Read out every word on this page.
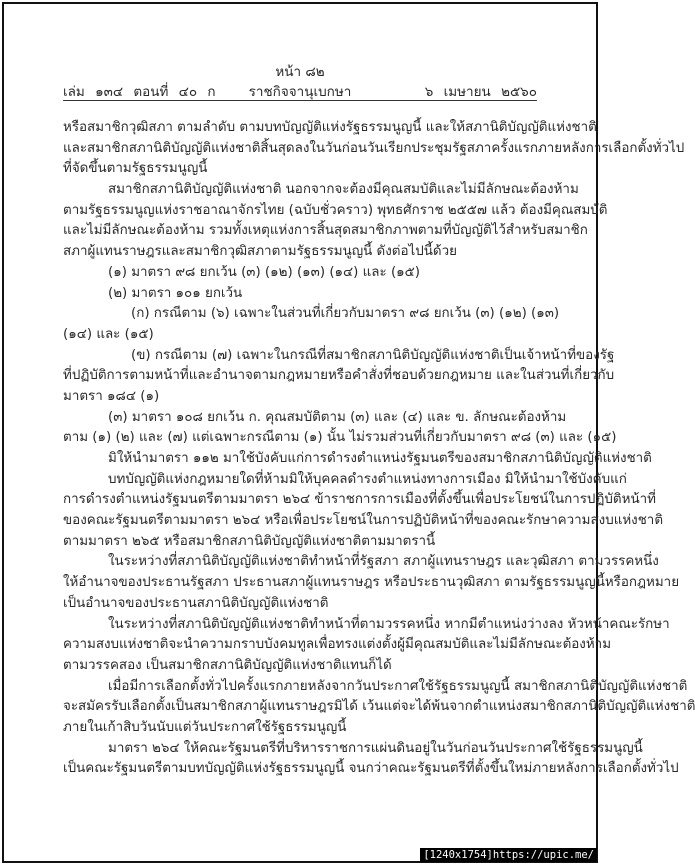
หน้า ๘๒
ราชกิจจานุเบกษา
เล่ม ๑๓๔ ตอนที่ ๔๐ ก	๖ เมษายน ๒๕๖๐
หรือสมาชิกวุฒิสภา ตามลำดับ ตามบทบัญญัติแห่งรัฐธรรมนูญนี้ และให้สภานิติบัญญัติแห่งชาติ
และสมาชิกสภานิติบัญญัติแห่งชาติสิ้นสุดลงในวันก่อนวันเรียกประชุมรัฐสภาครั้งแรกภายหลังการเลือกตั้งทั่วไป
ที่จัดขึ้นตามรัฐธรรมนูญนี้
สมาชิกสภานิติบัญญัติแห่งชาติ นอกจากจะต้องมีคุณสมบัติและไม่มีลักษณะต้องห้าม
ตามรัฐธรรมนูญแห่งราชอาณาจักรไทย (ฉบับชั่วคราว) พุทธศักราช ๒๕๕๗ แล้ว ต้องมีคุณสมบัติ
และไม่มีลักษณะต้องห้าม รวมทั้งเหตุแห่งการสิ้นสุดสมาชิกภาพตามที่บัญญัติไว้สำหรับสมาชิก
สภาผู้แทนราษฎรและสมาชิกวุฒิสภาตามรัฐธรรมนูญนี้ ดังต่อไปนี้ด้วย
(๑) มาตรา ๙๘ ยกเว้น (๓) (๑๒) (๑๓) (๑๔) และ (๑๕)
(๒) มาตรา ๑๐๑ ยกเว้น
(ก) กรณีตาม (๖) เฉพาะในส่วนที่เกี่ยวกับมาตรา ๙๘ ยกเว้น (๓) (๑๒) (๑๓)
(๑๔) และ (๑๕)
(ข) กรณีตาม (๗) เฉพาะในกรณีที่สมาชิกสภานิติบัญญัติแห่งชาติเป็นเจ้าหน้าที่ของรัฐ
ที่ปฏิบัติการตามหน้าที่และอำนาจตามกฎหมายหรือคำสั่งที่ชอบด้วยกฎหมาย และในส่วนที่เกี่ยวกับ
มาตรา ๑๘๔ (๑)
(๓) มาตรา ๑๐๘ ยกเว้น ก. คุณสมบัติตาม (๓) และ (๔) และ ข. ลักษณะต้องห้าม
ตาม (๑) (๒) และ (๗) แต่เฉพาะกรณีตาม (๑) นั้น ไม่รวมส่วนที่เกี่ยวกับมาตรา ๙๘ (๓) และ (๑๕)
มิให้นำมาตรา ๑๑๒ มาใช้บังคับแก่การดำรงตำแหน่งรัฐมนตรีของสมาชิกสภานิติบัญญัติแห่งชาติ
บทบัญญัติแห่งกฎหมายใดที่ห้ามมิให้บุคคลดำรงตำแหน่งทางการเมือง มิให้นำมาใช้บังคับแก่
การดำรงตำแหน่งรัฐมนตรีตามมาตรา ๒๖๔ ข้าราชการการเมืองที่ตั้งขึ้นเพื่อประโยชน์ในการปฏิบัติหน้าที่
ของคณะรัฐมนตรีตามมาตรา ๒๖๔ หรือเพื่อประโยชน์ในการปฏิบัติหน้าที่ของคณะรักษาความสงบแห่งชาติ
ตามมาตรา ๒๖๕ หรือสมาชิกสภานิติบัญญัติแห่งชาติตามมาตรานี้
ในระหว่างที่สภานิติบัญญัติแห่งชาติทำหน้าที่รัฐสภา สภาผู้แทนราษฎร และวุฒิสภา ตามวรรคหนึ่ง
ให้อำนาจของประธานรัฐสภา ประธานสภาผู้แทนราษฎร หรือประธานวุฒิสภา ตามรัฐธรรมนูญนี้หรือกฎหมาย
เป็นอำนาจของประธานสภานิติบัญญัติแห่งชาติ
ในระหว่างที่สภานิติบัญญัติแห่งชาติทำหน้าที่ตามวรรคหนึ่ง หากมีตำแหน่งว่างลง หัวหน้าคณะรักษา
ความสงบแห่งชาติจะนำความกราบบังคมทูลเพื่อทรงแต่งตั้งผู้มีคุณสมบัติและไม่มีลักษณะต้องห้าม
ตามวรรคสอง เป็นสมาชิกสภานิติบัญญัติแห่งชาติแทนก็ได้
เมื่อมีการเลือกตั้งทั่วไปครั้งแรกภายหลังจากวันประกาศใช้รัฐธรรมนูญนี้ สมาชิกสภานิติบัญญัติแห่งชาติ
จะสมัครรับเลือกตั้งเป็นสมาชิกสภาผู้แทนราษฎรมิได้ เว้นแต่จะได้พ้นจากตำแหน่งสมาชิกสภานิติบัญญัติแห่งชาติ
ภายในเก้าสิบวันนับแต่วันประกาศใช้รัฐธรรมนูญนี้
มาตรา ๒๖๔ ให้คณะรัฐมนตรีที่บริหารราชการแผ่นดินอยู่ในวันก่อนวันประกาศใช้รัฐธรรมนูญนี้
เป็นคณะรัฐมนตรีตามบทบัญญัติแห่งรัฐธรรมนูญนี้ จนกว่าคณะรัฐมนตรีที่ตั้งขึ้นใหม่ภายหลังการเลือกตั้งทั่วไป
[1240x1754]https://upic.me/
